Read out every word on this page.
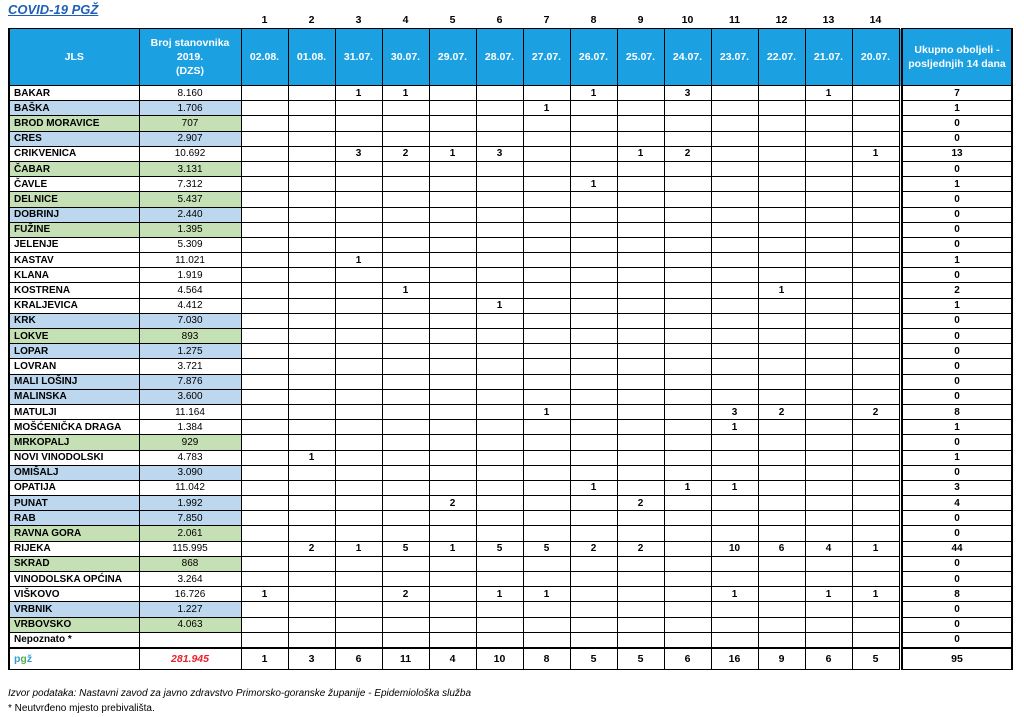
COVID-19 PGŽ
		1	2	3	4	5	6	7	8	9	10	11	12	13	14		
JLS	Broj stanovnika
2019.
(DZS)	02.08.	01.08.	31.07.	30.07.	29.07.	28.07.	27.07.	26.07.	25.07.	24.07.	23.07.	22.07.	21.07.	20.07.		Ukupno oboljeli -
posljednjih 14 dana
BAKAR	8.160			1	1				1		3			1			7
BAŠKA	1.706							1									1
BROD MORAVICE	707																0
CRES	2.907																0
CRIKVENICA	10.692			3	2	1	3			1	2				1		13
ČABAR	3.131																0
ČAVLE	7.312								1								1
DELNICE	5.437																0
DOBRINJ	2.440																0
FUŽINE	1.395																0
JELENJE	5.309																0
KASTAV	11.021			1													1
KLANA	1.919																0
KOSTRENA	4.564				1								1				2
KRALJEVICA	4.412						1										1
KRK	7.030																0
LOKVE	893																0
LOPAR	1.275																0
LOVRAN	3.721																0
MALI LOŠINJ	7.876																0
MALINSKA	3.600																0
MATULJI	11.164							1				3	2		2		8
MOŠĆENIČKA DRAGA	1.384											1					1
MRKOPALJ	929																0
NOVI VINODOLSKI	4.783		1														1
OMIŠALJ	3.090																0
OPATIJA	11.042								1		1	1					3
PUNAT	1.992					2				2							4
RAB	7.850																0
RAVNA GORA	2.061																0
RIJEKA	115.995		2	1	5	1	5	5	2	2		10	6	4	1		44
SKRAD	868																0
VINODOLSKA OPĆINA	3.264																0
VIŠKOVO	16.726	1			2		1	1				1		1	1		8
VRBNIK	1.227																0
VRBOVSKO	4.063																0
Nepoznato *																	0
pgž	281.945	1	3	6	11	4	10	8	5	5	6	16	9	6	5		95
Izvor podataka: Nastavni zavod za javno zdravstvo Primorsko-goranske županije - Epidemiološka služba
* Neutvrđeno mjesto prebivališta.
